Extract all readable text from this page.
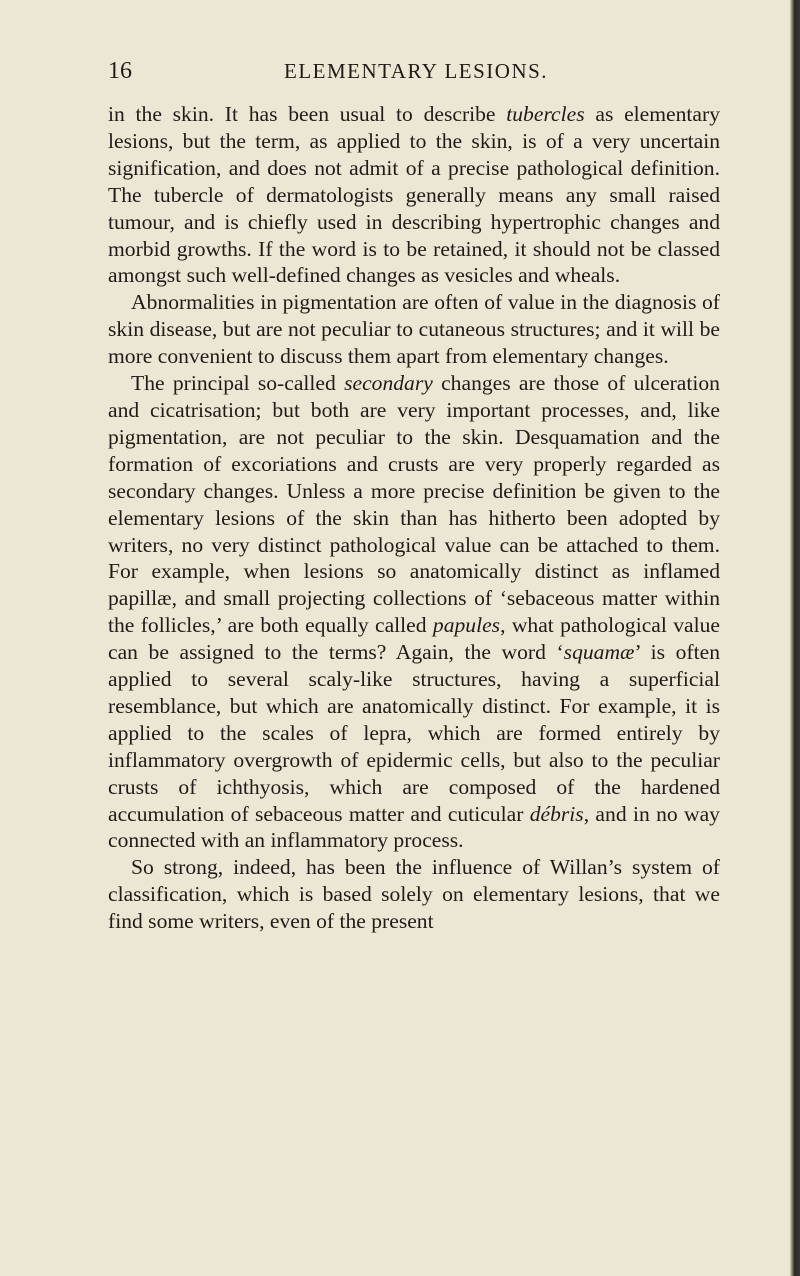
16	ELEMENTARY LESIONS.

in the skin. It has been usual to describe tubercles as elementary lesions, but the term, as applied to the skin, is of a very uncertain signification, and does not admit of a precise pathological definition. The tubercle of dermatologists generally means any small raised tumour, and is chiefly used in describing hypertrophic changes and morbid growths. If the word is to be retained, it should not be classed amongst such well-defined changes as vesicles and wheals.

Abnormalities in pigmentation are often of value in the diagnosis of skin disease, but are not peculiar to cutaneous structures; and it will be more convenient to discuss them apart from elementary changes.

The principal so-called secondary changes are those of ulceration and cicatrisation; but both are very important processes, and, like pigmentation, are not peculiar to the skin. Desquamation and the formation of excoriations and crusts are very properly regarded as secondary changes. Unless a more precise definition be given to the elementary lesions of the skin than has hitherto been adopted by writers, no very distinct pathological value can be attached to them. For example, when lesions so anatomically distinct as inflamed papillæ, and small projecting collections of ‘sebaceous matter within the follicles,’ are both equally called papules, what pathological value can be assigned to the terms? Again, the word ‘squamæ’ is often applied to several scaly-like structures, having a superficial resemblance, but which are anatomically distinct. For example, it is applied to the scales of lepra, which are formed entirely by inflammatory overgrowth of epidermic cells, but also to the peculiar crusts of ichthyosis, which are composed of the hardened accumulation of sebaceous matter and cuticular débris, and in no way connected with an inflammatory process.

So strong, indeed, has been the influence of Willan’s system of classification, which is based solely on elementary lesions, that we find some writers, even of the present
